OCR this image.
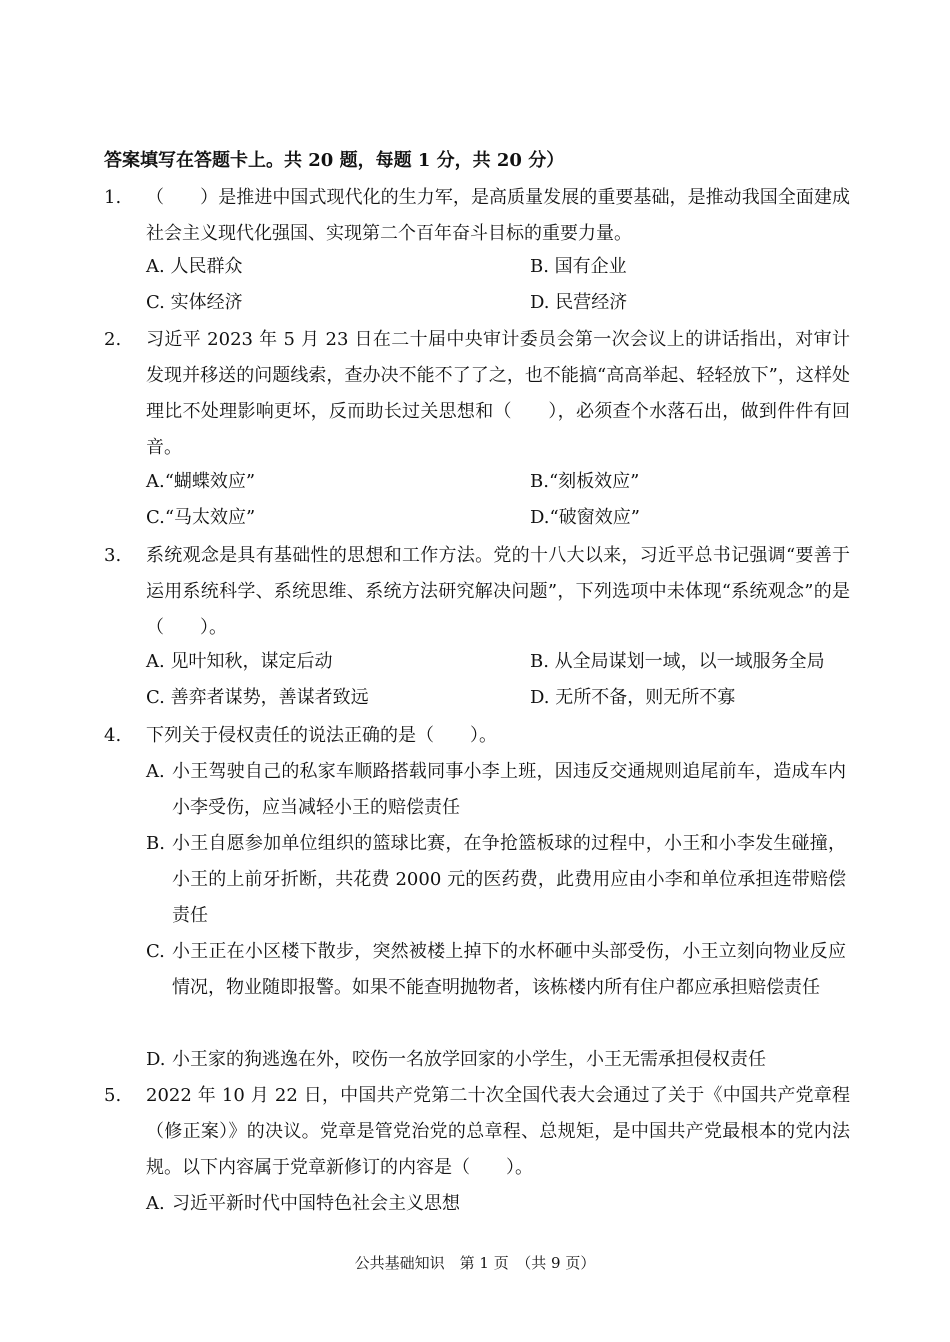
答案填写在答题卡上。共 20 题，每题 1 分，共 20 分）
1.	（　　）是推进中国式现代化的生力军，是高质量发展的重要基础，是推动我国全面建成社会主义现代化强国、实现第二个百年奋斗目标的重要力量。
A. 人民群众	B. 国有企业
C. 实体经济	D. 民营经济
2.	习近平 2023 年 5 月 23 日在二十届中央审计委员会第一次会议上的讲话指出，对审计发现并移送的问题线索，查办决不能不了了之，也不能搞“高高举起、轻轻放下”，这样处理比不处理影响更坏，反而助长过关思想和（　　），必须查个水落石出，做到件件有回音。
A.“蝴蝶效应”	B.“刻板效应”
C.“马太效应”	D.“破窗效应”
3.	系统观念是具有基础性的思想和工作方法。党的十八大以来，习近平总书记强调“要善于运用系统科学、系统思维、系统方法研究解决问题”，下列选项中未体现“系统观念”的是（　　）。
A. 见叶知秋，谋定后动	B. 从全局谋划一域，以一域服务全局
C. 善弈者谋势，善谋者致远	D. 无所不备，则无所不寡
4.	下列关于侵权责任的说法正确的是（　　）。
A. 小王驾驶自己的私家车顺路搭载同事小李上班，因违反交通规则追尾前车，造成车内小李受伤，应当减轻小王的赔偿责任
B. 小王自愿参加单位组织的篮球比赛，在争抢篮板球的过程中，小王和小李发生碰撞，小王的上前牙折断，共花费 2000 元的医药费，此费用应由小李和单位承担连带赔偿责任
C. 小王正在小区楼下散步，突然被楼上掉下的水杯砸中头部受伤，小王立刻向物业反应情况，物业随即报警。如果不能查明抛物者，该栋楼内所有住户都应承担赔偿责任
D. 小王家的狗逃逸在外，咬伤一名放学回家的小学生，小王无需承担侵权责任
5.	2022 年 10 月 22 日，中国共产党第二十次全国代表大会通过了关于《中国共产党章程（修正案）》的决议。党章是管党治党的总章程、总规矩，是中国共产党最根本的党内法规。以下内容属于党章新修订的内容是（　　）。
A. 习近平新时代中国特色社会主义思想
公共基础知识　第 1 页　（共 9 页）
